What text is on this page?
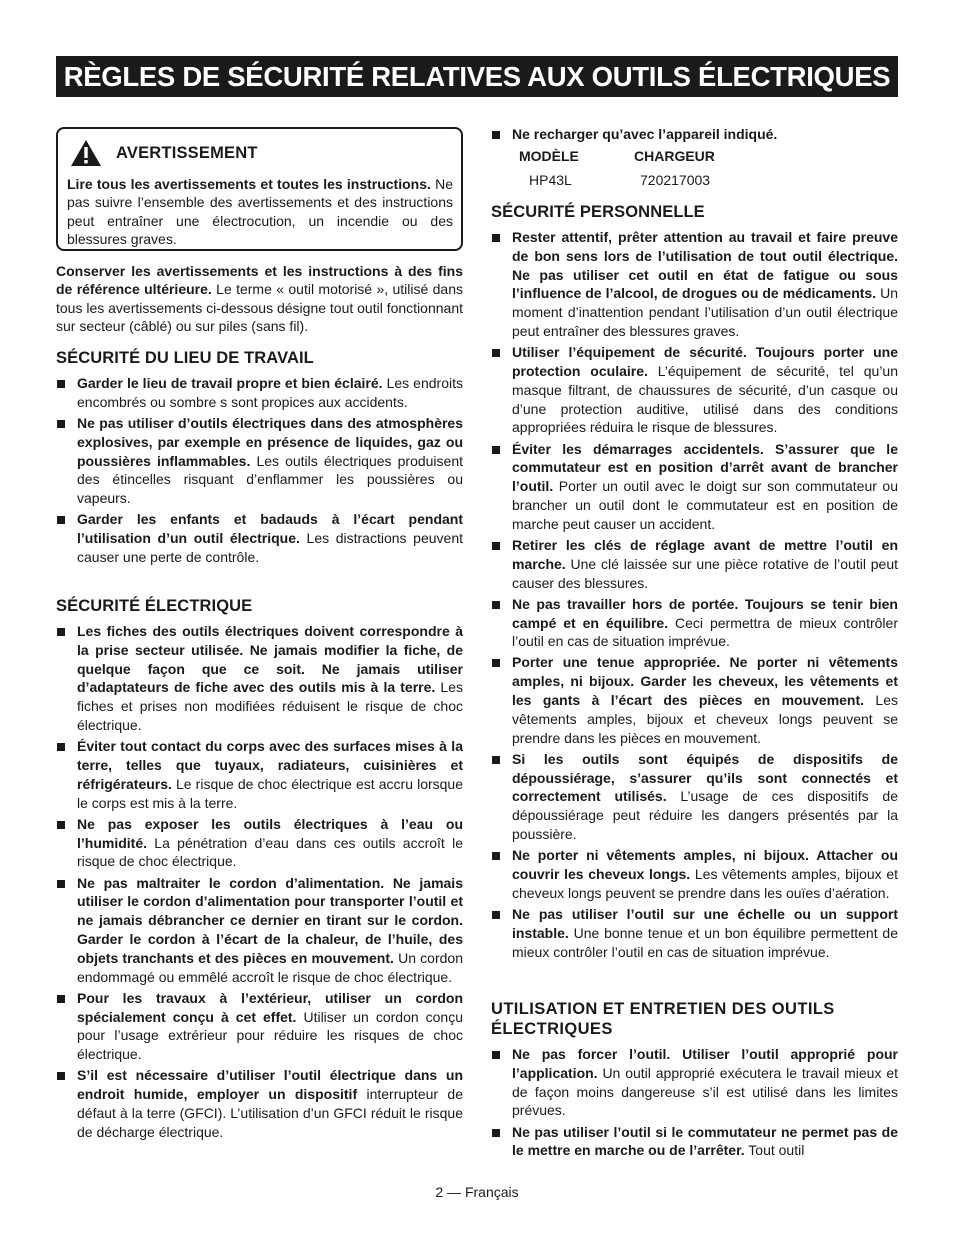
RÈGLES DE SÉCURITÉ RELATIVES AUX OUTILS ÉLECTRIQUES
AVERTISSEMENT
Lire tous les avertissements et toutes les instructions. Ne pas suivre l’ensemble des avertissements et des instructions peut entraîner une électrocution, un incendie ou des blessures graves.
Conserver les avertissements et les instructions à des fins de référence ultérieure. Le terme « outil motorisé », utilisé dans tous les avertissements ci-dessous désigne tout outil fonctionnant sur secteur (câblé) ou sur piles (sans fil).
SÉCURITÉ DU LIEU DE TRAVAIL
Garder le lieu de travail propre et bien éclairé. Les endroits encombrés ou sombre s sont propices aux accidents.
Ne pas utiliser d’outils électriques dans des atmosphères explosives, par exemple en présence de liquides, gaz ou poussières inflammables. Les outils électriques produisent des étincelles risquant d’enflammer les poussières ou vapeurs.
Garder les enfants et badauds à l’écart pendant l’utilisation d’un outil électrique. Les distractions peuvent causer une perte de contrôle.
SÉCURITÉ ÉLECTRIQUE
Les fiches des outils électriques doivent correspondre à la prise secteur utilisée. Ne jamais modifier la fiche, de quelque façon que ce soit. Ne jamais utiliser d’adaptateurs de fiche avec des outils mis à la terre. Les fiches et prises non modifiées réduisent le risque de choc électrique.
Éviter tout contact du corps avec des surfaces mises à la terre, telles que tuyaux, radiateurs, cuisinières et réfrigérateurs. Le risque de choc électrique est accru lorsque le corps est mis à la terre.
Ne pas exposer les outils électriques à l’eau ou l’humidité. La pénétration d’eau dans ces outils accroît le risque de choc électrique.
Ne pas maltraiter le cordon d’alimentation. Ne jamais utiliser le cordon d’alimentation pour transporter l’outil et ne jamais débrancher ce dernier en tirant sur le cordon. Garder le cordon à l’écart de la chaleur, de l’huile, des objets tranchants et des pièces en mouvement. Un cordon endommagé ou emmêlé accroît le risque de choc électrique.
Pour les travaux à l’extérieur, utiliser un cordon spécialement conçu à cet effet. Utiliser un cordon conçu pour l’usage extrérieur pour réduire les risques de choc électrique.
S’il est nécessaire d’utiliser l’outil électrique dans un endroit humide, employer un dispositif interrupteur de défaut à la terre (GFCI). L’utilisation d’un GFCI réduit le risque de décharge électrique.
Ne recharger qu’avec l’appareil indiqué.
MODÈLE	CHARGEUR
HP43L	720217003
SÉCURITÉ PERSONNELLE
Rester attentif, prêter attention au travail et faire preuve de bon sens lors de l’utilisation de tout outil électrique. Ne pas utiliser cet outil en état de fatigue ou sous l’influence de l’alcool, de drogues ou de médicaments. Un moment d’inattention pendant l’utilisation d’un outil électrique peut entraîner des blessures graves.
Utiliser l’équipement de sécurité. Toujours porter une protection oculaire. L’équipement de sécurité, tel qu’un masque filtrant, de chaussures de sécurité, d’un casque ou d’une protection auditive, utilisé dans des conditions appropriées réduira le risque de blessures.
Éviter les démarrages accidentels. S’assurer que le commutateur est en position d’arrêt avant de brancher l’outil. Porter un outil avec le doigt sur son commutateur ou brancher un outil dont le commutateur est en position de marche peut causer un accident.
Retirer les clés de réglage avant de mettre l’outil en marche. Une clé laissée sur une pièce rotative de l’outil peut causer des blessures.
Ne pas travailler hors de portée. Toujours se tenir bien campé et en équilibre. Ceci permettra de mieux contrôler l’outil en cas de situation imprévue.
Porter une tenue appropriée. Ne porter ni vêtements amples, ni bijoux. Garder les cheveux, les vêtements et les gants à l’écart des pièces en mouvement. Les vêtements amples, bijoux et cheveux longs peuvent se prendre dans les pièces en mouvement.
Si les outils sont équipés de dispositifs de dépoussiérage, s’assurer qu’ils sont connectés et correctement utilisés. L’usage de ces dispositifs de dépoussiérage peut réduire les dangers présentés par la poussière.
Ne porter ni vêtements amples, ni bijoux. Attacher ou couvrir les cheveux longs. Les vêtements amples, bijoux et cheveux longs peuvent se prendre dans les ouïes d’aération.
Ne pas utiliser l’outil sur une échelle ou un support instable. Une bonne tenue et un bon équilibre permettent de mieux contrôler l’outil en cas de situation imprévue.
UTILISATION ET ENTRETIEN DES OUTILS ÉLECTRIQUES
Ne pas forcer l’outil. Utiliser l’outil approprié pour l’application. Un outil approprié exécutera le travail mieux et de façon moins dangereuse s’il est utilisé dans les limites prévues.
Ne pas utiliser l’outil si le commutateur ne permet pas de le mettre en marche ou de l’arrêter. Tout outil
2 — Français
